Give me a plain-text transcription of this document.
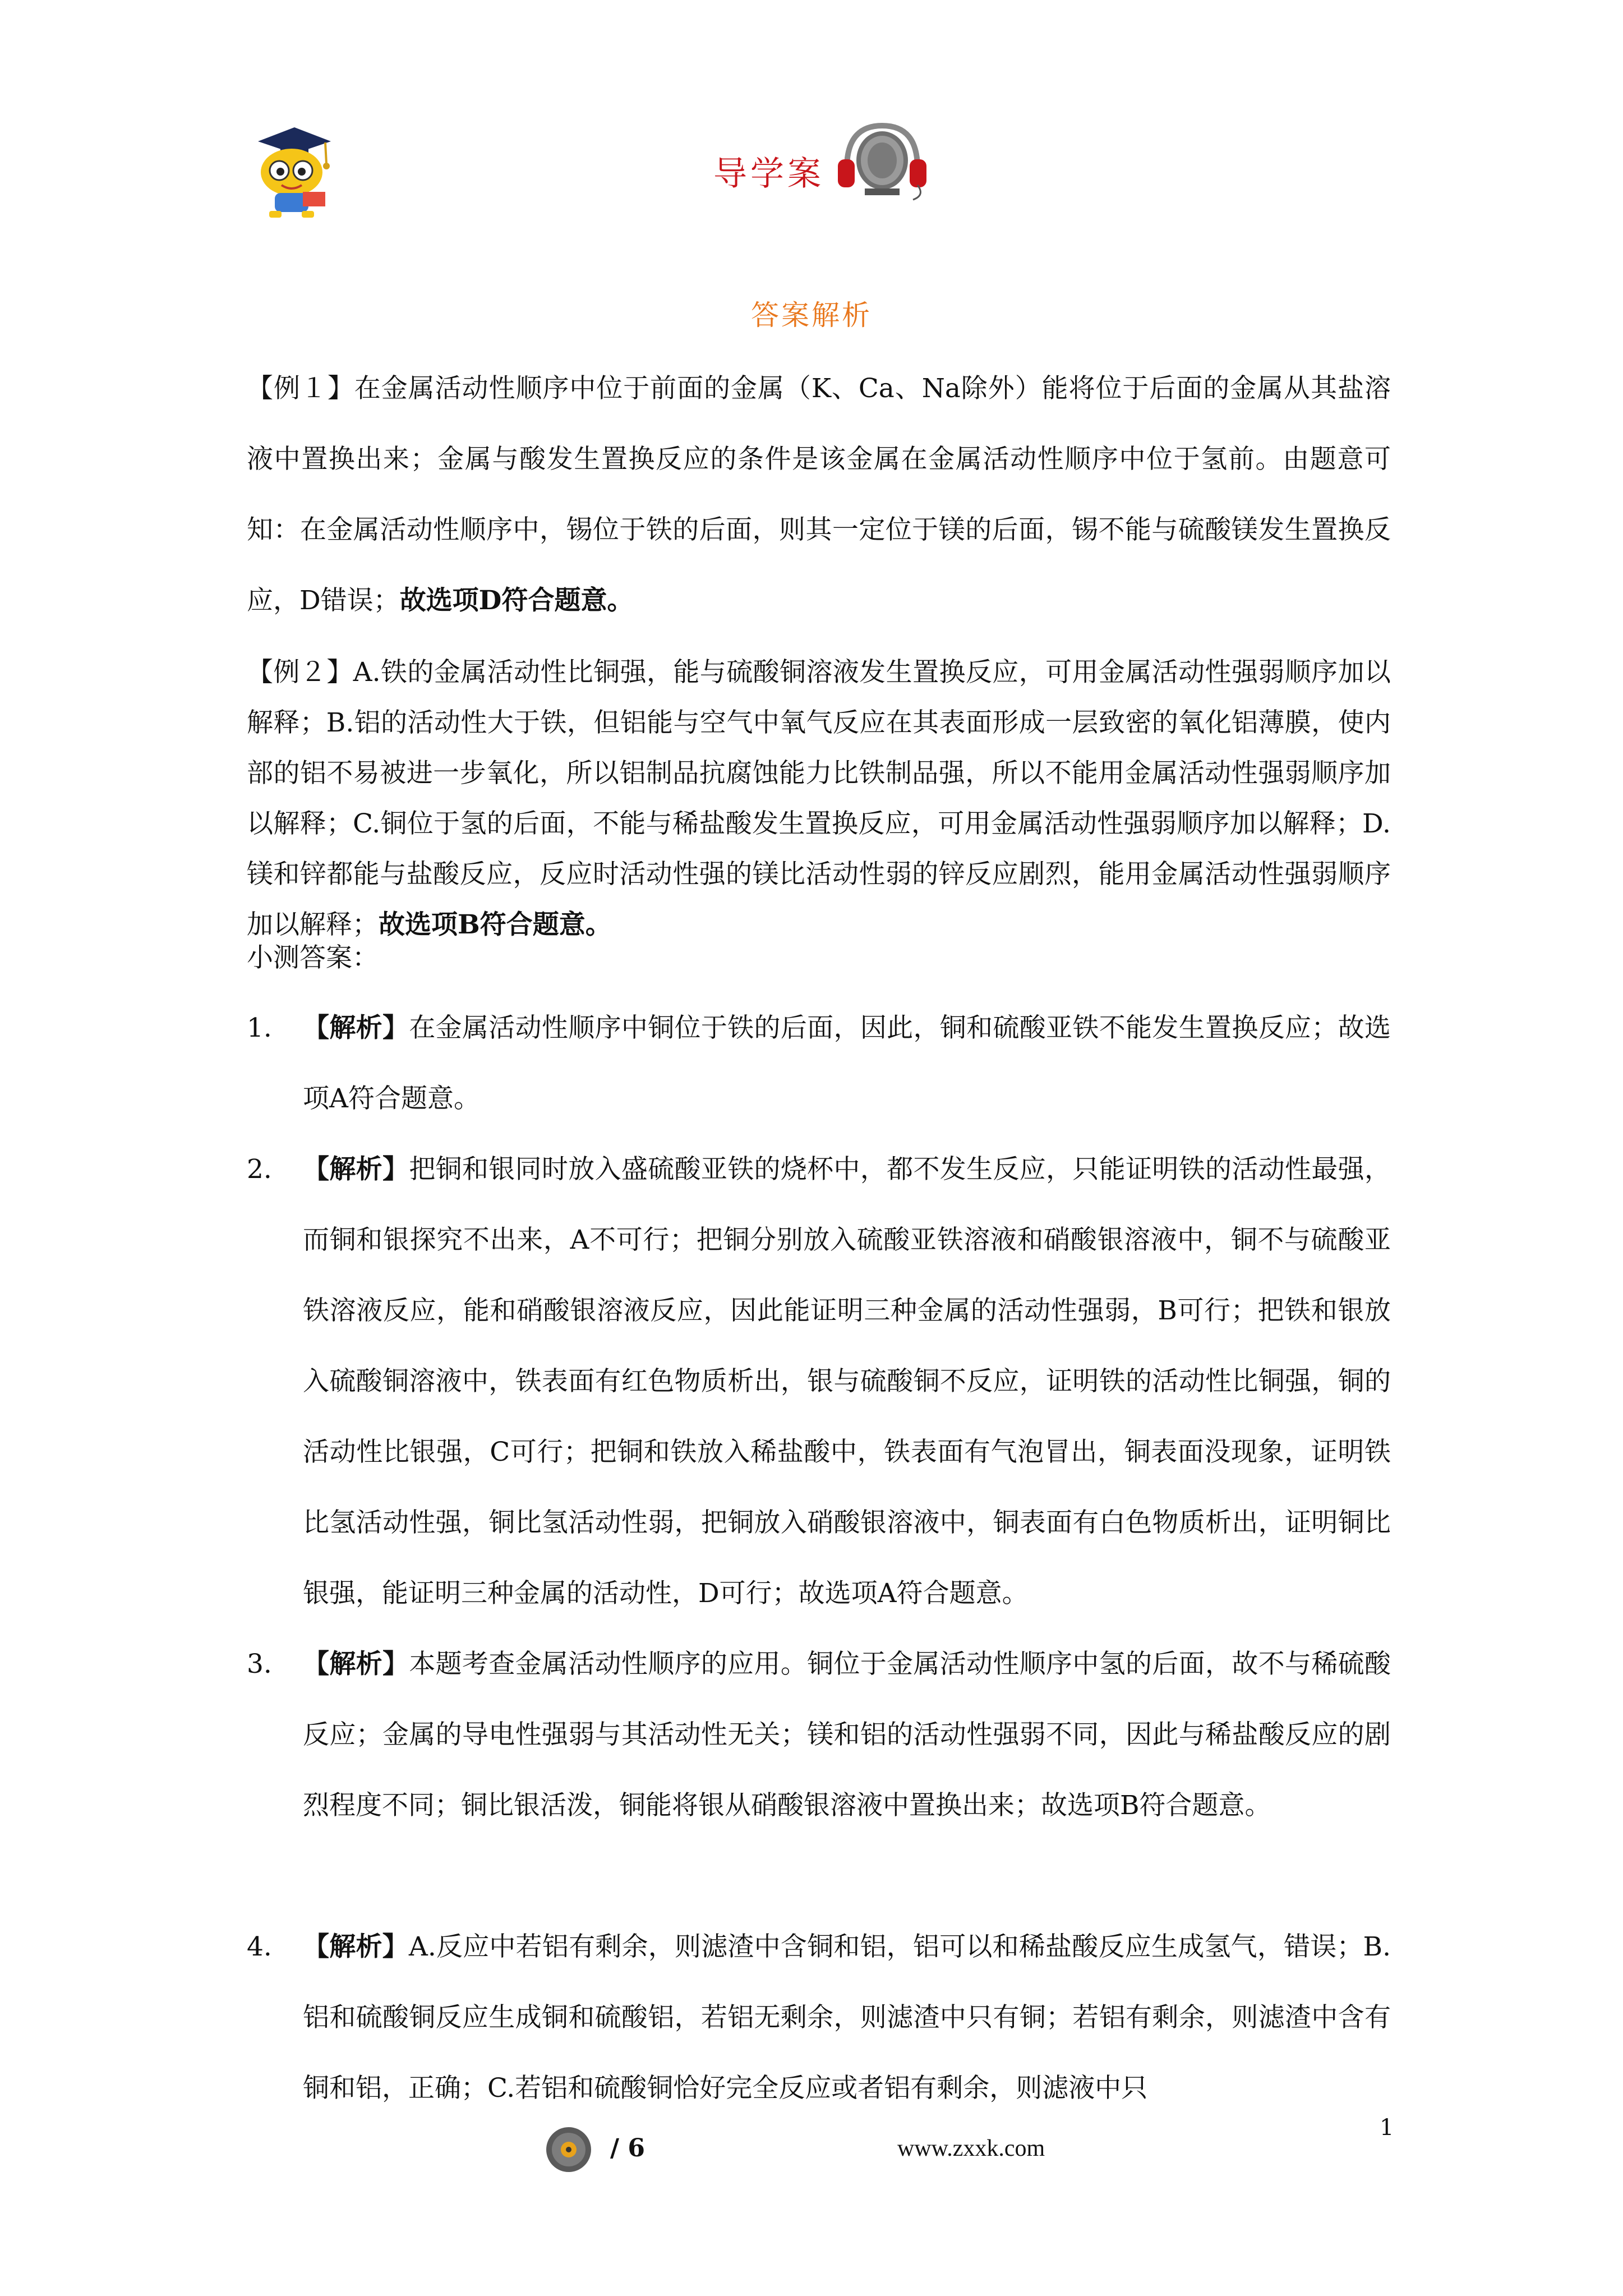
导学案
答案解析

【例１】在金属活动性顺序中位于前面的金属（K、Ca、Na除外）能将位于后面的金属从其盐溶液中置换出来；金属与酸发生置换反应的条件是该金属在金属活动性顺序中位于氢前。由题意可知：在金属活动性顺序中，锡位于铁的后面，则其一定位于镁的后面，锡不能与硫酸镁发生置换反应，D错误；故选项D符合题意。

【例２】A.铁的金属活动性比铜强，能与硫酸铜溶液发生置换反应，可用金属活动性强弱顺序加以解释；B.铝的活动性大于铁，但铝能与空气中氧气反应在其表面形成一层致密的氧化铝薄膜，使内部的铝不易被进一步氧化，所以铝制品抗腐蚀能力比铁制品强，所以不能用金属活动性强弱顺序加以解释；C.铜位于氢的后面，不能与稀盐酸发生置换反应，可用金属活动性强弱顺序加以解释；D.镁和锌都能与盐酸反应，反应时活动性强的镁比活动性弱的锌反应剧烈，能用金属活动性强弱顺序加以解释；故选项B符合题意。

小测答案：
1.	【解析】在金属活动性顺序中铜位于铁的后面，因此，铜和硫酸亚铁不能发生置换反应；故选项A符合题意。
2.	【解析】把铜和银同时放入盛硫酸亚铁的烧杯中，都不发生反应，只能证明铁的活动性最强，而铜和银探究不出来，A不可行；把铜分别放入硫酸亚铁溶液和硝酸银溶液中，铜不与硫酸亚铁溶液反应，能和硝酸银溶液反应，因此能证明三种金属的活动性强弱，B可行；把铁和银放入硫酸铜溶液中，铁表面有红色物质析出，银与硫酸铜不反应，证明铁的活动性比铜强，铜的活动性比银强，C可行；把铜和铁放入稀盐酸中，铁表面有气泡冒出，铜表面没现象，证明铁比氢活动性强，铜比氢活动性弱，把铜放入硝酸银溶液中，铜表面有白色物质析出，证明铜比银强，能证明三种金属的活动性，D可行；故选项A符合题意。
3.	【解析】本题考查金属活动性顺序的应用。铜位于金属活动性顺序中氢的后面，故不与稀硫酸反应；金属的导电性强弱与其活动性无关；镁和铝的活动性强弱不同，因此与稀盐酸反应的剧烈程度不同；铜比银活泼，铜能将银从硝酸银溶液中置换出来；故选项B符合题意。
4.	【解析】A.反应中若铝有剩余，则滤渣中含铜和铝，铝可以和稀盐酸反应生成氢气，错误；B.铝和硫酸铜反应生成铜和硫酸铝，若铝无剩余，则滤渣中只有铜；若铝有剩余，则滤渣中含有铜和铝，正确；C.若铝和硫酸铜恰好完全反应或者铝有剩余，则滤液中只
/ 6	www.zxxk.com
1
